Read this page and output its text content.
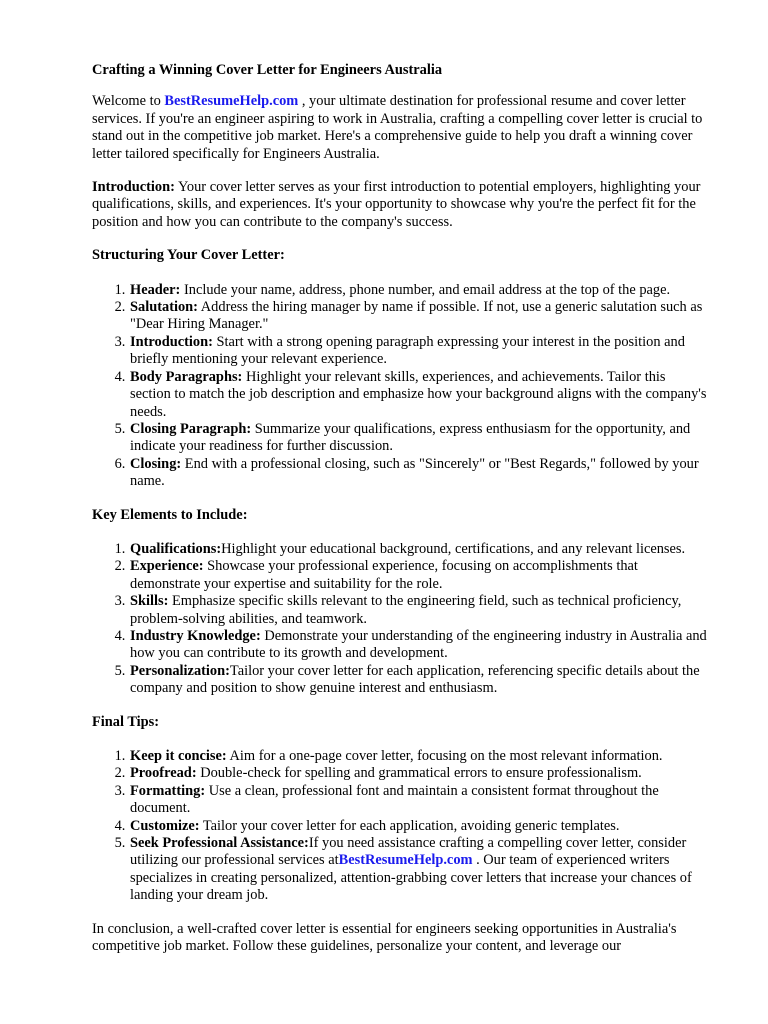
Crafting a Winning Cover Letter for Engineers Australia

Welcome to BestResumeHelp.com , your ultimate destination for professional resume and cover letter services. If you're an engineer aspiring to work in Australia, crafting a compelling cover letter is crucial to stand out in the competitive job market. Here's a comprehensive guide to help you draft a winning cover letter tailored specifically for Engineers Australia.

Introduction: Your cover letter serves as your first introduction to potential employers, highlighting your qualifications, skills, and experiences. It's your opportunity to showcase why you're the perfect fit for the position and how you can contribute to the company's success.

Structuring Your Cover Letter:
1. Header: Include your name, address, phone number, and email address at the top of the page.
2. Salutation: Address the hiring manager by name if possible. If not, use a generic salutation such as "Dear Hiring Manager."
3. Introduction: Start with a strong opening paragraph expressing your interest in the position and briefly mentioning your relevant experience.
4. Body Paragraphs: Highlight your relevant skills, experiences, and achievements. Tailor this section to match the job description and emphasize how your background aligns with the company's needs.
5. Closing Paragraph: Summarize your qualifications, express enthusiasm for the opportunity, and indicate your readiness for further discussion.
6. Closing: End with a professional closing, such as "Sincerely" or "Best Regards," followed by your name.
Key Elements to Include:
1. Qualifications:Highlight your educational background, certifications, and any relevant licenses.
2. Experience: Showcase your professional experience, focusing on accomplishments that demonstrate your expertise and suitability for the role.
3. Skills: Emphasize specific skills relevant to the engineering field, such as technical proficiency, problem-solving abilities, and teamwork.
4. Industry Knowledge: Demonstrate your understanding of the engineering industry in Australia and how you can contribute to its growth and development.
5. Personalization:Tailor your cover letter for each application, referencing specific details about the company and position to show genuine interest and enthusiasm.
Final Tips:
1. Keep it concise: Aim for a one-page cover letter, focusing on the most relevant information.
2. Proofread: Double-check for spelling and grammatical errors to ensure professionalism.
3. Formatting: Use a clean, professional font and maintain a consistent format throughout the document.
4. Customize: Tailor your cover letter for each application, avoiding generic templates.
5. Seek Professional Assistance:If you need assistance crafting a compelling cover letter, consider utilizing our professional services atBestResumeHelp.com . Our team of experienced writers specializes in creating personalized, attention-grabbing cover letters that increase your chances of landing your dream job.

In conclusion, a well-crafted cover letter is essential for engineers seeking opportunities in Australia's competitive job market. Follow these guidelines, personalize your content, and leverage our
